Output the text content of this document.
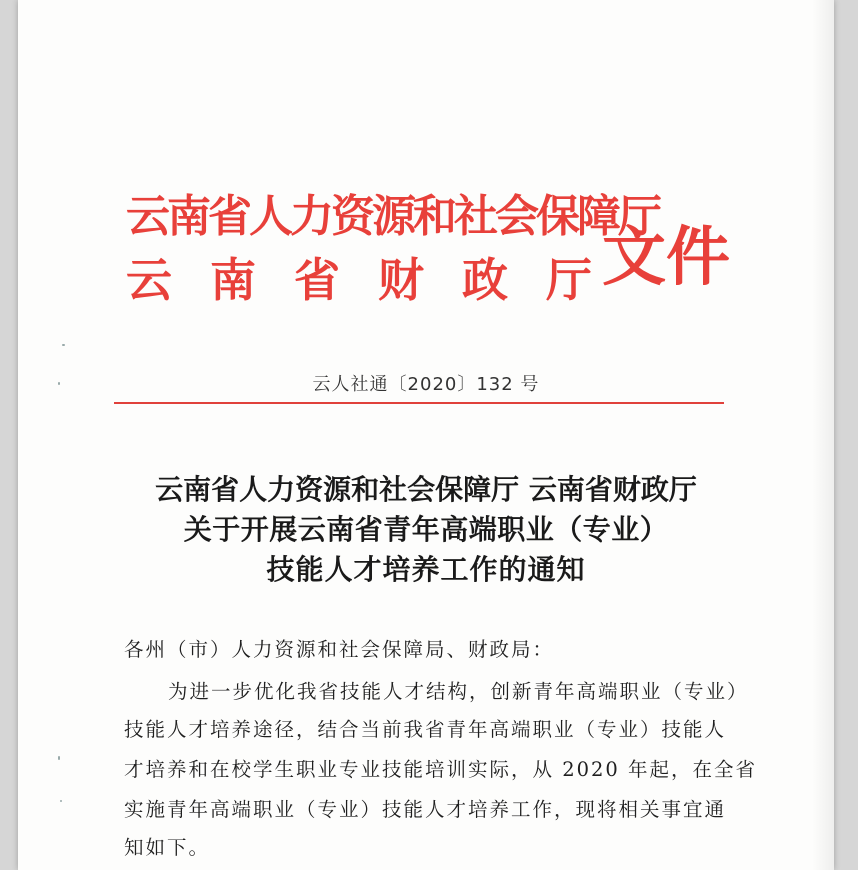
云南省人力资源和社会保障厅
云南省财政厅
文件
云人社通〔2020〕132 号
云南省人力资源和社会保障厅 云南省财政厅
关于开展云南省青年高端职业（专业）
技能人才培养工作的通知
各州（市）人力资源和社会保障局、财政局：
为进一步优化我省技能人才结构，创新青年高端职业（专业）
技能人才培养途径，结合当前我省青年高端职业（专业）技能人
才培养和在校学生职业专业技能培训实际，从 2020 年起，在全省
实施青年高端职业（专业）技能人才培养工作，现将相关事宜通
知如下。
